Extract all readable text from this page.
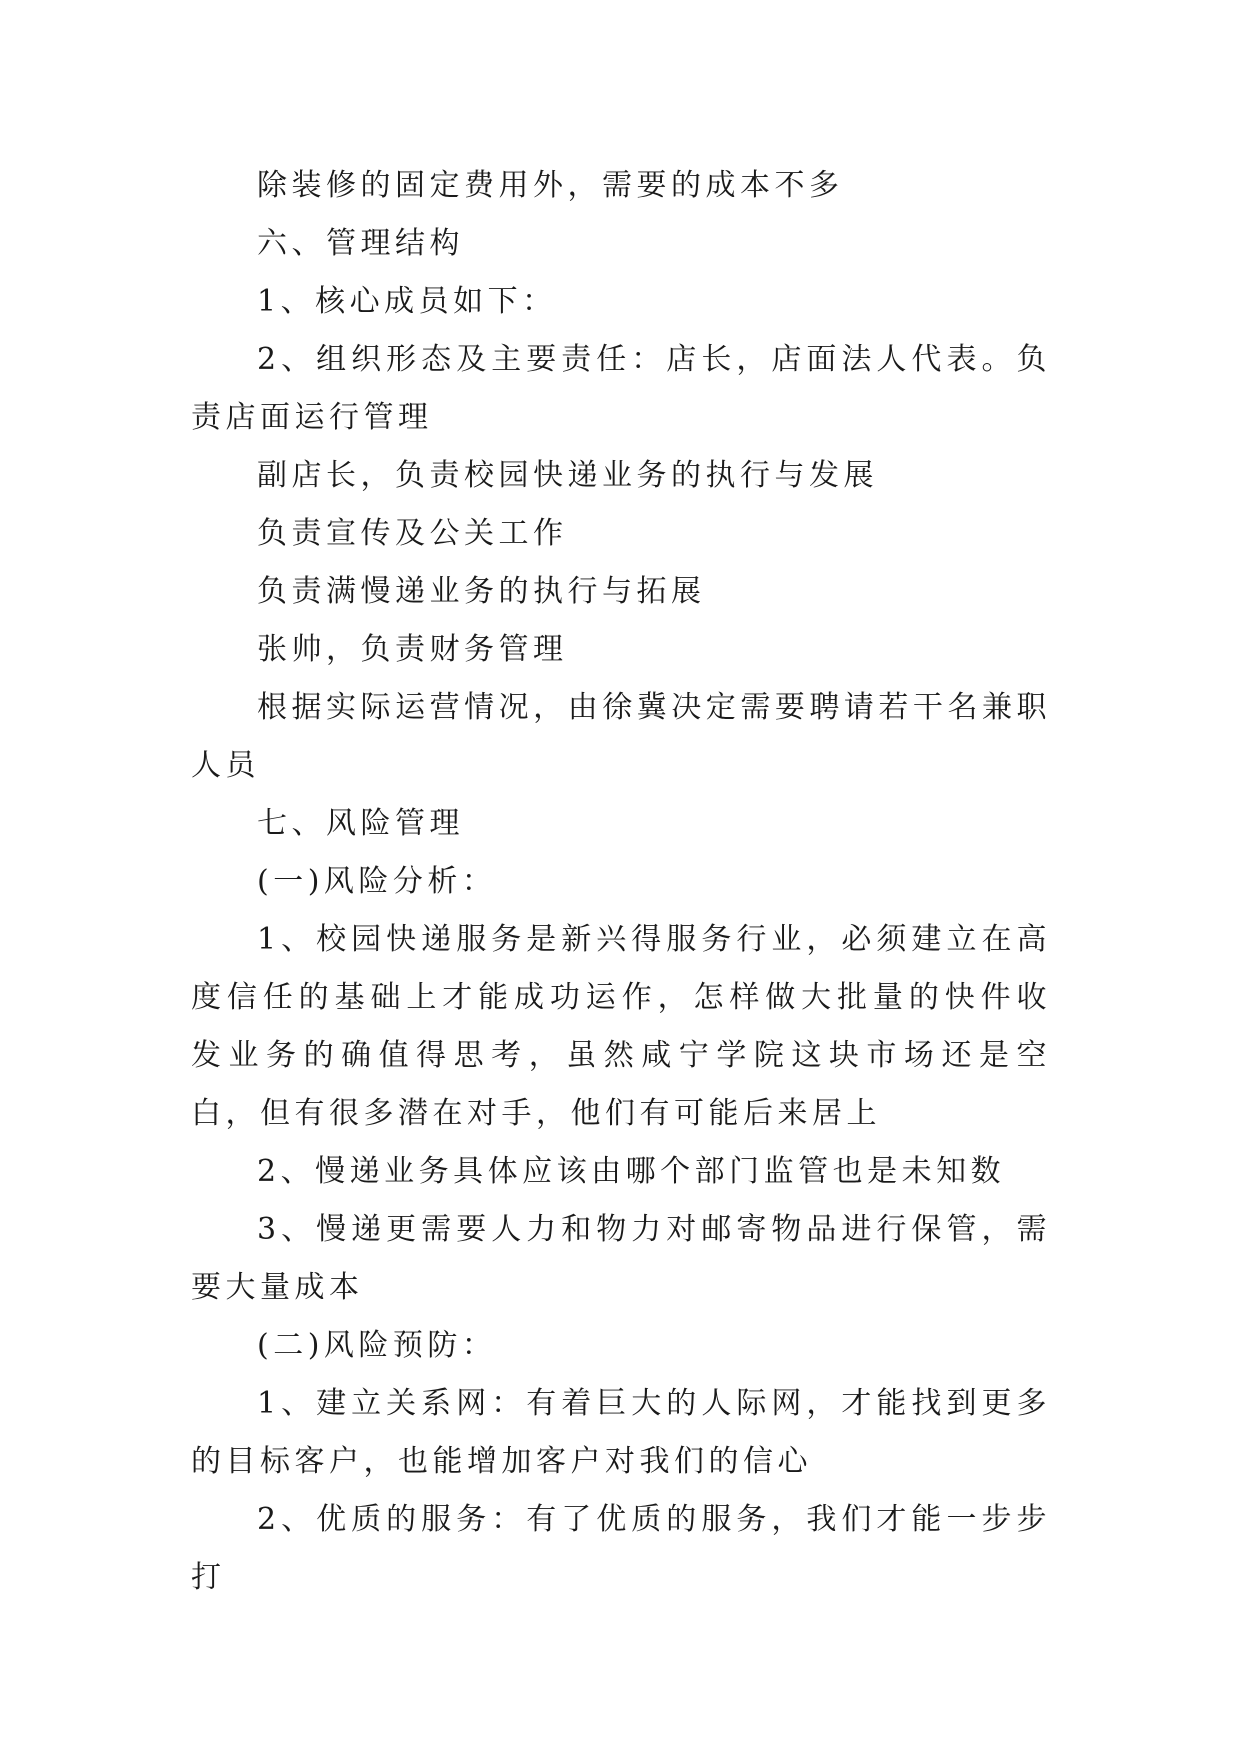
除装修的固定费用外，需要的成本不多

六、管理结构

1、核心成员如下：

2、组织形态及主要责任：店长，店面法人代表。负责店面运行管理

副店长，负责校园快递业务的执行与发展

负责宣传及公关工作

负责满慢递业务的执行与拓展

张帅，负责财务管理

根据实际运营情况，由徐冀决定需要聘请若干名兼职人员

七、风险管理

(一)风险分析：

1、校园快递服务是新兴得服务行业，必须建立在高度信任的基础上才能成功运作，怎样做大批量的快件收发业务的确值得思考，虽然咸宁学院这块市场还是空白，但有很多潜在对手，他们有可能后来居上

2、慢递业务具体应该由哪个部门监管也是未知数

3、慢递更需要人力和物力对邮寄物品进行保管，需要大量成本

(二)风险预防：

1、建立关系网：有着巨大的人际网，才能找到更多的目标客户，也能增加客户对我们的信心

2、优质的服务：有了优质的服务，我们才能一步步打
